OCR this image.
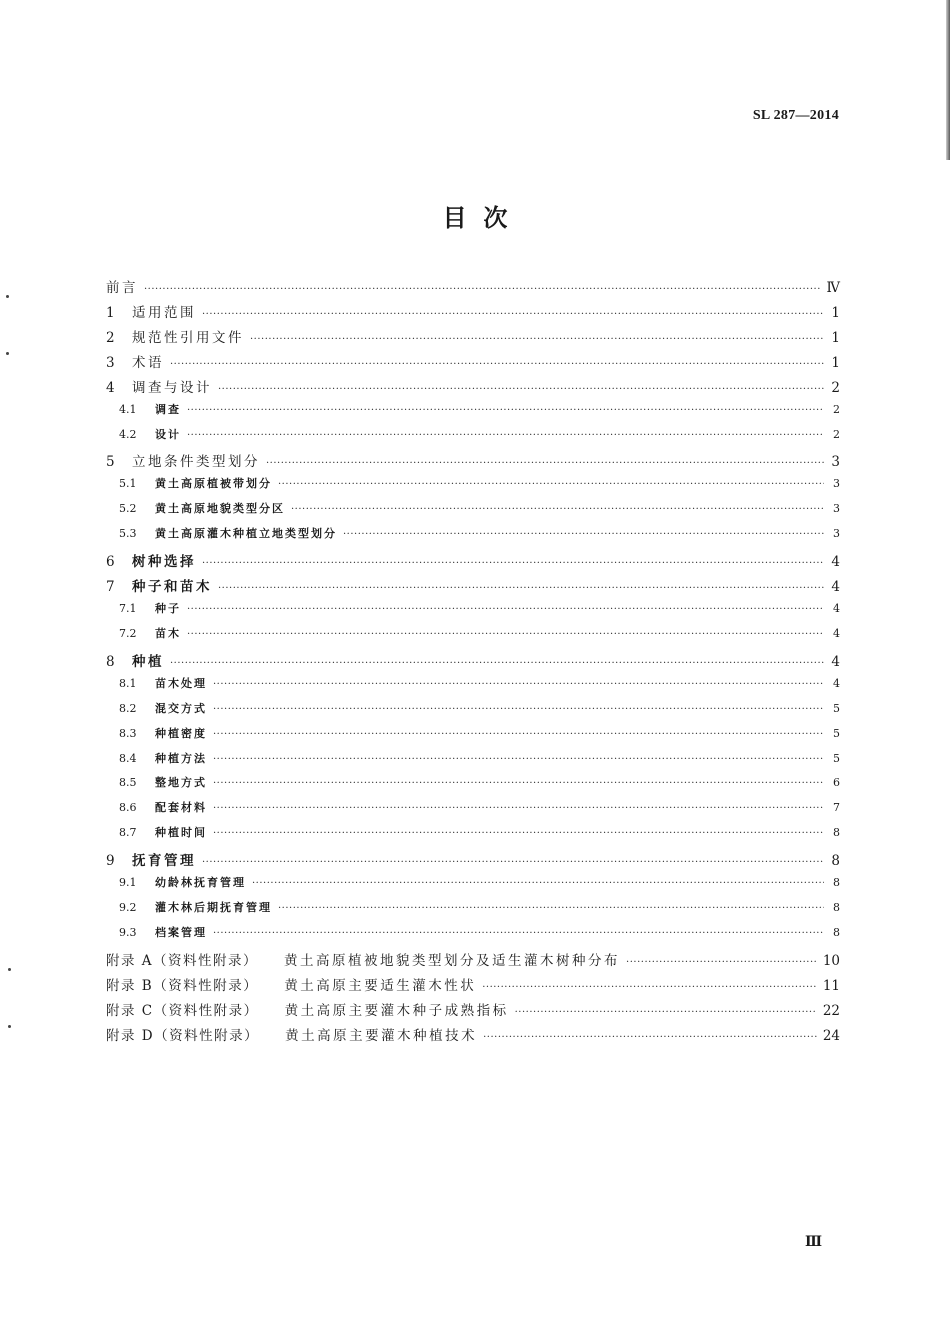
SL 287—2014
目  次
前言 ·····	Ⅳ
1	适用范围 ·····	1
2	规范性引用文件 ·····	1
3	术语 ·····	1
4	调查与设计 ·····	2
4.1	调查 ·····	2
4.2	设计 ·····	2
5	立地条件类型划分 ·····	3
5.1	黄土高原植被带划分 ·····	3
5.2	黄土高原地貌类型分区 ·····	3
5.3	黄土高原灌木种植立地类型划分 ·····	3
6	树种选择 ·····	4
7	种子和苗木 ·····	4
7.1	种子 ·····	4
7.2	苗木 ·····	4
8	种植 ·····	4
8.1	苗木处理 ·····	4
8.2	混交方式 ·····	5
8.3	种植密度 ·····	5
8.4	种植方法 ·····	5
8.5	整地方式 ·····	6
8.6	配套材料 ·····	7
8.7	种植时间 ·····	8
9	抚育管理 ·····	8
9.1	幼龄林抚育管理 ·····	8
9.2	灌木林后期抚育管理 ·····	8
9.3	档案管理 ·····	8
附录 A（资料性附录） 黄土高原植被地貌类型划分及适生灌木树种分布 ·····	10
附录 B（资料性附录） 黄土高原主要适生灌木性状 ·····	11
附录 C（资料性附录） 黄土高原主要灌木种子成熟指标 ·····	22
附录 D（资料性附录） 黄土高原主要灌木种植技术 ·····	24
Ⅲ
